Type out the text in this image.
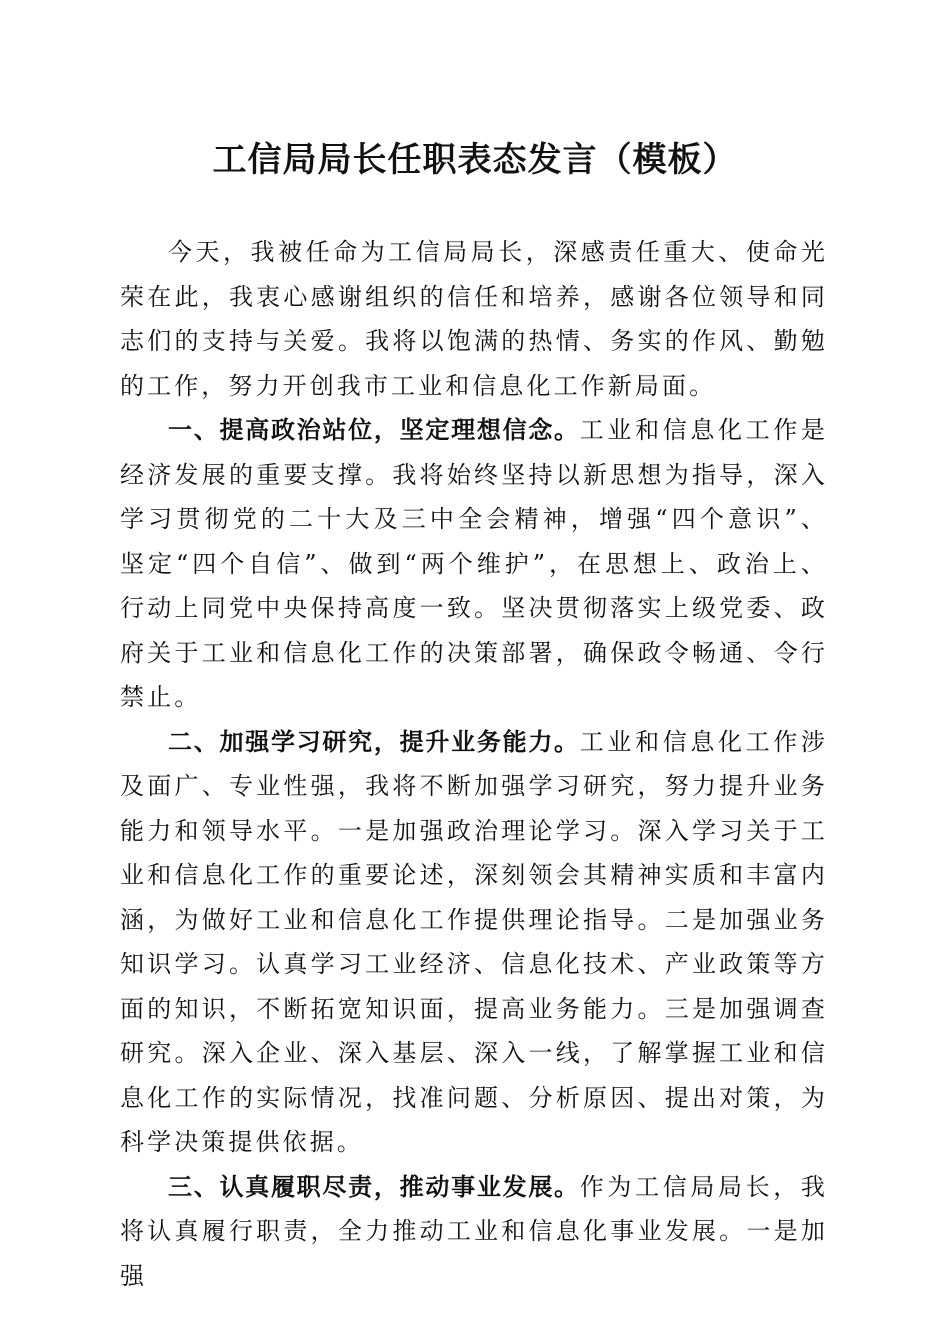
工信局局长任职表态发言（模板）

今天，我被任命为工信局局长，深感责任重大、使命光荣在此，我衷心感谢组织的信任和培养，感谢各位领导和同志们的支持与关爱。我将以饱满的热情、务实的作风、勤勉的工作，努力开创我市工业和信息化工作新局面。

一、提高政治站位，坚定理想信念。工业和信息化工作是经济发展的重要支撑。我将始终坚持以新思想为指导，深入学习贯彻党的二十大及三中全会精神，增强“四个意识”、坚定“四个自信”、做到“两个维护”，在思想上、政治上、行动上同党中央保持高度一致。坚决贯彻落实上级党委、政府关于工业和信息化工作的决策部署，确保政令畅通、令行禁止。

二、加强学习研究，提升业务能力。工业和信息化工作涉及面广、专业性强，我将不断加强学习研究，努力提升业务能力和领导水平。一是加强政治理论学习。深入学习关于工业和信息化工作的重要论述，深刻领会其精神实质和丰富内涵，为做好工业和信息化工作提供理论指导。二是加强业务知识学习。认真学习工业经济、信息化技术、产业政策等方面的知识，不断拓宽知识面，提高业务能力。三是加强调查研究。深入企业、深入基层、深入一线，了解掌握工业和信息化工作的实际情况，找准问题、分析原因、提出对策，为科学决策提供依据。

三、认真履职尽责，推动事业发展。作为工信局局长，我将认真履行职责，全力推动工业和信息化事业发展。一是加强
